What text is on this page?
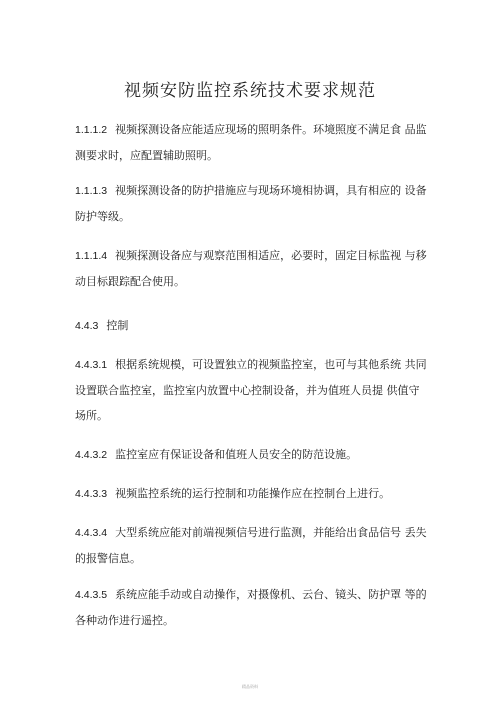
视频安防监控系统技术要求规范

1.1.1.2 视频探测设备应能适应现场的照明条件。环境照度不满足食 品监

测要求时，应配置辅助照明。

1.1.1.3 视频探测设备的防护措施应与现场环境相协调，具有相应的 设备

防护等级。

1.1.1.4 视频探测设备应与观察范围相适应，必要时，固定目标监视 与移

动目标跟踪配合使用。

4.4.3 控制

4.4.3.1 根据系统规模，可设置独立的视频监控室，也可与其他系统 共同

设置联合监控室，监控室内放置中心控制设备，并为值班人员提 供值守

场所。

4.4.3.2 监控室应有保证设备和值班人员安全的防范设施。

4.4.3.3 视频监控系统的运行控制和功能操作应在控制台上进行。

4.4.3.4 大型系统应能对前端视频信号进行监测，并能给出食品信号 丢失

的报警信息。

4.4.3.5 系统应能手动或自动操作，对摄像机、云台、镜头、防护罩 等的

各种动作进行遥控。

精品资料
